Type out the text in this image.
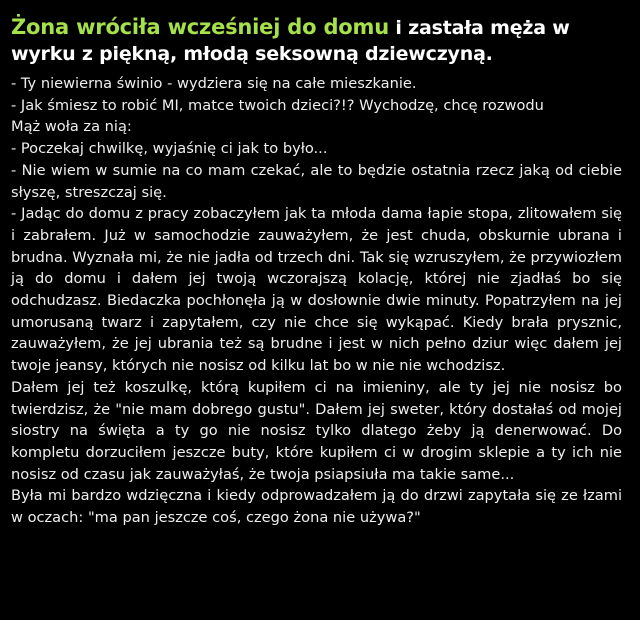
Żona wróciła wcześniej do domu i zastała męża w wyrku z piękną, młodą seksowną dziewczyną.

- Ty niewierna świnio - wydziera się na całe mieszkanie.

- Jak śmiesz to robić MI, matce twoich dzieci?!? Wychodzę, chcę rozwodu

Mąż woła za nią:

- Poczekaj chwilkę, wyjaśnię ci jak to było...

- Nie wiem w sumie na co mam czekać, ale to będzie ostatnia rzecz jaką od ciebie słyszę, streszczaj się.

- Jadąc do domu z pracy zobaczyłem jak ta młoda dama łapie stopa, zlitowałem się i zabrałem. Już w samochodzie zauważyłem, że jest chuda, obskurnie ubrana i brudna. Wyznała mi, że nie jadła od trzech dni. Tak się wzruszyłem, że przywiozłem ją do domu i dałem jej twoją wczorajszą kolację, której nie zjadłaś bo się odchudzasz. Biedaczka pochłonęła ją w dosłownie dwie minuty. Popatrzyłem na jej umorusaną twarz i zapytałem, czy nie chce się wykąpać. Kiedy brała prysznic, zauważyłem, że jej ubrania też są brudne i jest w nich pełno dziur więc dałem jej twoje jeansy, których nie nosisz od kilku lat bo w nie nie wchodzisz.

Dałem jej też koszulkę, którą kupiłem ci na imieniny, ale ty jej nie nosisz bo twierdzisz, że "nie mam dobrego gustu". Dałem jej sweter, który dostałaś od mojej siostry na święta a ty go nie nosisz tylko dlatego żeby ją denerwować. Do kompletu dorzuciłem jeszcze buty, które kupiłem ci w drogim sklepie a ty ich nie nosisz od czasu jak zauważyłaś, że twoja psiapsiuła ma takie same...

Była mi bardzo wdzięczna i kiedy odprowadzałem ją do drzwi zapytała się ze łzami w oczach: "ma pan jeszcze coś, czego żona nie używa?"
